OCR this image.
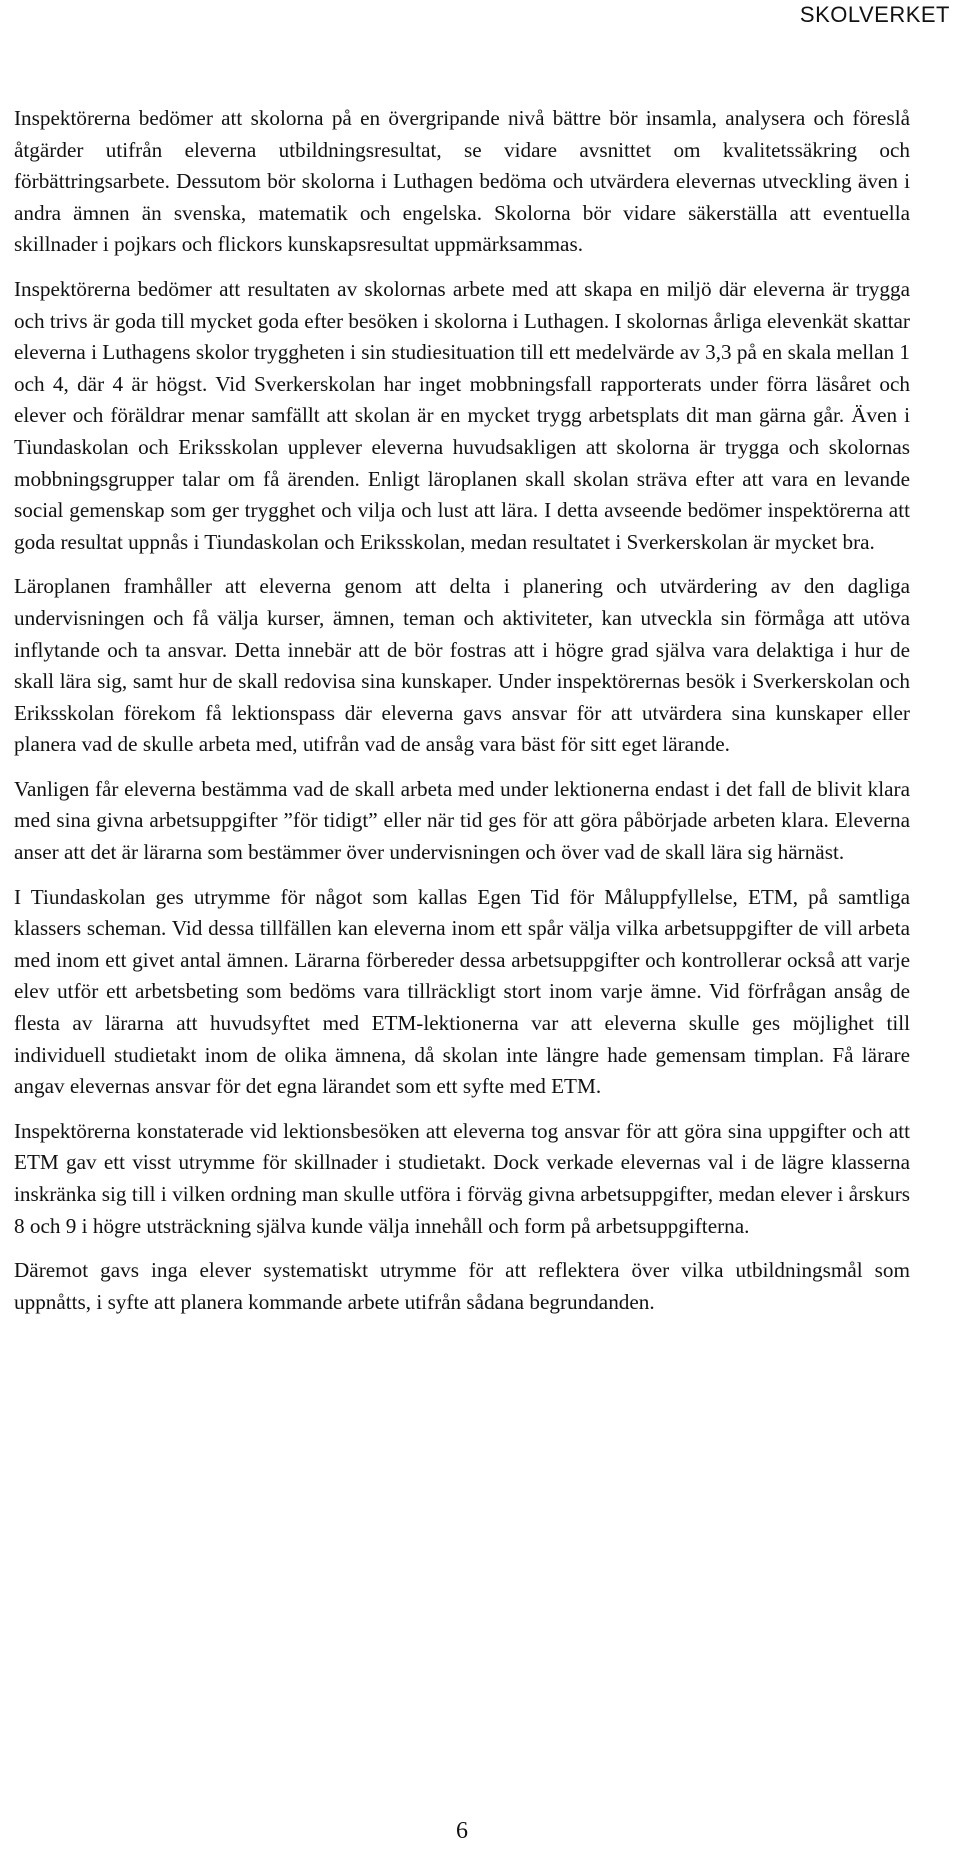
SKOLVERKET

Inspektörerna bedömer att skolorna på en övergripande nivå bättre bör insamla, analysera och föreslå åtgärder utifrån eleverna utbildningsresultat, se vidare avsnittet om kvalitetssäkring och förbättringsarbete. Dessutom bör skolorna i Luthagen bedöma och utvärdera elevernas utveckling även i andra ämnen än svenska, matematik och engelska. Skolorna bör vidare säkerställa att eventuella skillnader i pojkars och flickors kunskapsresultat uppmärksammas.

Inspektörerna bedömer att resultaten av skolornas arbete med att skapa en miljö där eleverna är trygga och trivs är goda till mycket goda efter besöken i skolorna i Luthagen. I skolornas årliga elevenkät skattar eleverna i Luthagens skolor tryggheten i sin studiesituation till ett medelvärde av 3,3 på en skala mellan 1 och 4, där 4 är högst. Vid Sverkerskolan har inget mobbningsfall rapporterats under förra läsåret och elever och föräldrar menar samfällt att skolan är en mycket trygg arbetsplats dit man gärna går. Även i Tiundaskolan och Eriksskolan upplever eleverna huvudsakligen att skolorna är trygga och skolornas mobbningsgrupper talar om få ärenden. Enligt läroplanen skall skolan sträva efter att vara en levande social gemenskap som ger trygghet och vilja och lust att lära. I detta avseende bedömer inspektörerna att goda resultat uppnås i Tiundaskolan och Eriksskolan, medan resultatet i Sverkerskolan är mycket bra.

Läroplanen framhåller att eleverna genom att delta i planering och utvärdering av den dagliga undervisningen och få välja kurser, ämnen, teman och aktiviteter, kan utveckla sin förmåga att utöva inflytande och ta ansvar. Detta innebär att de bör fostras att i högre grad själva vara delaktiga i hur de skall lära sig, samt hur de skall redovisa sina kunskaper. Under inspektörernas besök i Sverkerskolan och Eriksskolan förekom få lektionspass där eleverna gavs ansvar för att utvärdera sina kunskaper eller planera vad de skulle arbeta med, utifrån vad de ansåg vara bäst för sitt eget lärande.

Vanligen får eleverna bestämma vad de skall arbeta med under lektionerna endast i det fall de blivit klara med sina givna arbetsuppgifter ”för tidigt” eller när tid ges för att göra påbörjade arbeten klara. Eleverna anser att det är lärarna som bestämmer över undervisningen och över vad de skall lära sig härnäst.

I Tiundaskolan ges utrymme för något som kallas Egen Tid för Måluppfyllelse, ETM, på samtliga klassers scheman. Vid dessa tillfällen kan eleverna inom ett spår välja vilka arbetsuppgifter de vill arbeta med inom ett givet antal ämnen. Lärarna förbereder dessa arbetsuppgifter och kontrollerar också att varje elev utför ett arbetsbeting som bedöms vara tillräckligt stort inom varje ämne. Vid förfrågan ansåg de flesta av lärarna att huvudsyftet med ETM-lektionerna var att eleverna skulle ges möjlighet till individuell studietakt inom de olika ämnena, då skolan inte längre hade gemensam timplan. Få lärare angav elevernas ansvar för det egna lärandet som ett syfte med ETM.

Inspektörerna konstaterade vid lektionsbesöken att eleverna tog ansvar för att göra sina uppgifter och att ETM gav ett visst utrymme för skillnader i studietakt. Dock verkade elevernas val i de lägre klasserna inskränka sig till i vilken ordning man skulle utföra i förväg givna arbetsuppgifter, medan elever i årskurs 8 och 9 i högre utsträckning själva kunde välja innehåll och form på arbetsuppgifterna.

Däremot gavs inga elever systematiskt utrymme för att reflektera över vilka utbildningsmål som uppnåtts, i syfte att planera kommande arbete utifrån sådana begrundanden.

6
